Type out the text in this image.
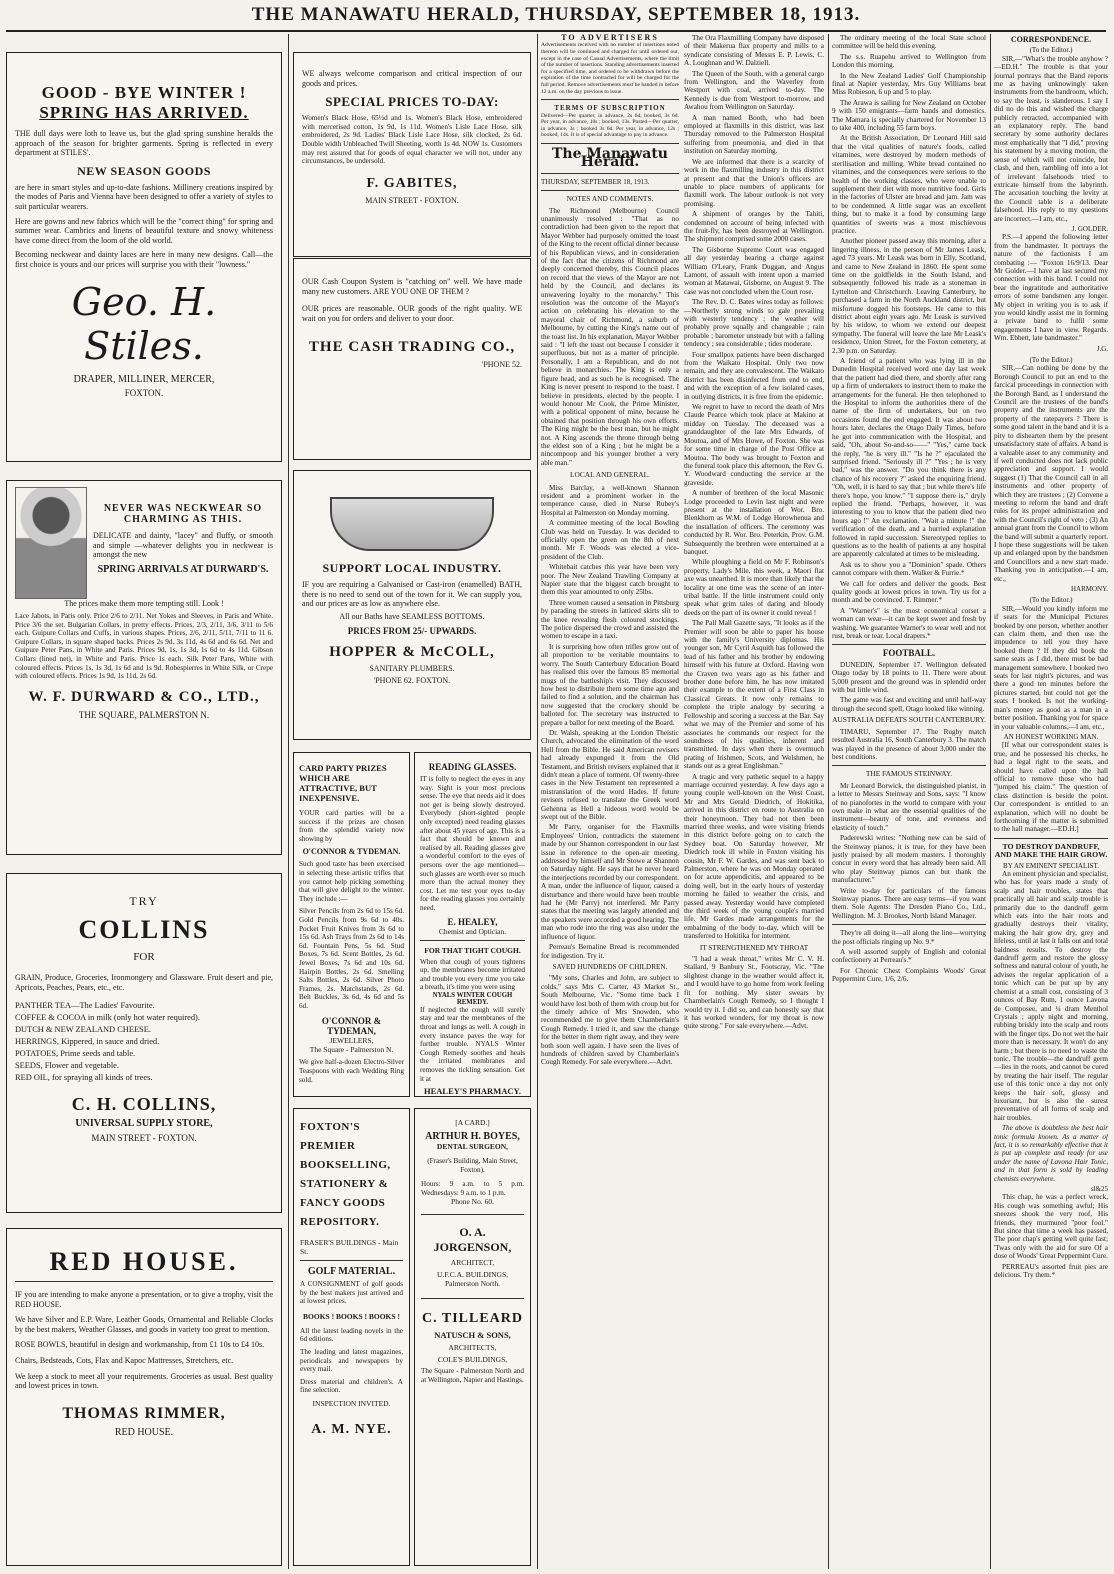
THE MANAWATU HERALD, THURSDAY, SEPTEMBER 18, 1913.
GOOD - BYE WINTER !
SPRING HAS ARRIVED.
THE dull days were loth to leave us, but the glad spring sunshine heralds the approach of the season for brighter garments. Spring is reflected in every department at STILES'.
NEW SEASON GOODS
are here in smart styles and up-to-date fashions. Millinery creations inspired by the modes of Paris and Vienna have been designed to offer a variety of styles to suit particular wearers.
Here are gowns and new fabrics which will be the "correct thing" for spring and summer wear. Cambrics and linens of beautiful texture and snowy whiteness have come direct from the loom of the old world.
Becoming neckwear and dainty laces are here in many new designs. Call—the first choice is yours and our prices will surprise you with their "lowness."
Geo. H. Stiles.
DRAPER, MILLINER, MERCER,
FOXTON.
NEVER WAS NECKWEAR SO CHARMING AS THIS.
DELICATE and dainty, "lacey" and fluffy, or smooth and simple —whatever delights you in neckwear is amongst the new
SPRING ARRIVALS AT DURWARD'S.
The prices make them more tempting still. Look !
Lace Jabots, in Paris only. Price 2/6 to 2/11. Net Yokes and Sleeves, in Paris and White. Price 3/6 the set. Bulgarian Collars, in pretty effects. Prices, 2/3, 2/11, 3/6, 3/11 to 5/6 each. Guipure Collars and Cuffs, in various shapes. Prices, 2/6, 2/11, 5/11, 7/11 to 11 6. Guipure Collars, in square shaped backs. Prices 2s 9d, 3s 11d, 4s 6d and 6s 6d. Net and Guipure Peter Pans, in White and Paris. Prices 9d, 1s, 1s 3d, 1s 6d to 4s 11d. Gibson Collars (lined net), in White and Paris. Price 1s each. Silk Peter Pans, White with coloured effects. Prices 1s, 1s 3d, 1s 6d and 1s 9d. Robespierres in White Silk, or Crepe with coloured effects. Prices 1s 9d, 1s 11d, 2s 6d.
W. F. DURWARD & CO., LTD.,
THE SQUARE, PALMERSTON N.
TRY
COLLINS
FOR
GRAIN, Produce, Groceries, Ironmongery and Glassware. Fruit desert and pie, Apricots, Peaches, Pears, etc., etc.
PANTHER TEA—The Ladies' Favourite.
COFFEE & COCOA in milk (only hot water required).
DUTCH & NEW ZEALAND CHEESE.
HERRINGS, Kippered, in sauce and dried.
POTATOES, Prime seeds and table.
SEEDS, Flower and vegetable.
RED OIL, for spraying all kinds of trees.
C. H. COLLINS,
UNIVERSAL SUPPLY STORE,
MAIN STREET - FOXTON.
RED HOUSE.
IF you are intending to make anyone a presentation, or to give a trophy, visit the RED HOUSE.
We have Silver and E.P. Ware, Leather Goods, Ornamental and Reliable Clocks by the best makers, Weather Glasses, and goods in variety too great to mention.
ROSE BOWLS, beautiful in design and workmanship, from £1 10s to £4 10s.
Chairs, Bedsteads, Cots, Flax and Kapoc Mattresses, Stretchers, etc.
We keep a stock to meet all your requirements. Groceries as usual. Best quality and lowest prices in town.
THOMAS RIMMER,
RED HOUSE.
WE always welcome comparison and critical inspection of our goods and prices.
SPECIAL PRICES TO-DAY:
Women's Black Hose, 65½d and 1s. Women's Black Hose, embroidered with mercerised cotton, 1s 9d, 1s 11d. Women's Lisle Lace Hose, silk embroidered, 2s 9d. Ladies' Black Lisle Lace Hose, silk clocked, 2s 6d. Double width Unbleached Twill Sheeting, worth 1s 4d. NOW 1s. Customers may rest assured that for goods of equal character we will not, under any circumstances, be undersold.
F. GABITES,
MAIN STREET - FOXTON.
OUR Cash Coupon System is "catching on" well. We have made many new customers. ARE YOU ONE OF THEM ?
OUR prices are reasonable. OUR goods of the right quality. WE wait on you for orders and deliver to your door.
THE CASH TRADING CO.,
'PHONE 52.
SUPPORT LOCAL INDUSTRY.
IF you are requiring a Galvanised or Cast-iron (enamelled) BATH, there is no need to send out of the town for it. We can supply you, and our prices are as low as anywhere else.
All our Baths have SEAMLESS BOTTOMS.
PRICES FROM 25/- UPWARDS.
HOPPER & McCOLL,
SANITARY PLUMBERS.
'PHONE 62. FOXTON.
CARD PARTY PRIZES WHICH ARE ATTRACTIVE, BUT INEXPENSIVE.
YOUR card parties will be a success if the prizes are chosen from the splendid variety now showing by
O'CONNOR & TYDEMAN.
Such good taste has been exercised in selecting these artistic trifles that you cannot help picking something that will give delight to the winner. They include :—
Silver Pencils from 2s 6d to 15s 6d. Gold Pencils from 9s 6d to 40s. Pocket Fruit Knives from 3s 6d to 15s 6d. Ash Trays from 2s 6d to 14s 6d. Fountain Pens, 5s 6d. Stud Boxes, 7s 6d. Scent Bottles, 2s 6d. Jewel Boxes, 7s 6d and 10s 6d. Hairpin Bottles, 2s 6d. Smelling Salts Bottles, 2s 6d. Silver Photo Frames, 2s. Matchstands, 2s 6d. Belt Buckles, 3s 6d, 4s 6d and 5s 6d.
O'CONNOR & TYDEMAN,
JEWELLERS,
The Square - Palmerston N.
We give half-a-dozen Electro-Silver Teaspoons with each Wedding Ring sold.
READING GLASSES.
IT is folly to neglect the eyes in any way. Sight is your most precious sense. The eye that needs aid it does not get is being slowly destroyed. Everybody (short-sighted people only excepted) need reading glasses after about 45 years of age. This is a fact that should be known and realised by all. Reading glasses give a wonderful comfort to the eyes of persons over the age mentioned—such glasses are worth ever so much more than the actual money they cost. Let me test your eyes to-day for the reading glasses you certainly need.
E. HEALEY,
Chemist and Optician.
FOR THAT TIGHT COUGH.
When that cough of yours tightens up, the membranes become irritated and trouble you every time you take a breath, it's time you were using
NYALS WINTER COUGH REMEDY.
If neglected the cough will surely stay and tear the membranes of the throat and lungs as well. A cough in every instance paves the way for further trouble. NYALS Winter Cough Remedy soothes and heals the irritated membranes and removes the tickling sensation. Get it at
HEALEY'S PHARMACY.
FOXTON'S PREMIER BOOKSELLING, STATIONERY & FANCY GOODS REPOSITORY.
FRASER'S BUILDINGS - Main St.
GOLF MATERIAL.
A CONSIGNMENT of golf goods by the best makers just arrived and at lowest prices.
BOOKS ! BOOKS ! BOOKS !
All the latest leading novels in the 6d editions.
The leading and latest magazines, periodicals and newspapers by every mail.
Dress material and children's. A fine selection.
INSPECTION INVITED.
A. M. NYE.
[A CARD.]
ARTHUR H. BOYES,
DENTAL SURGEON,
(Fraser's Building, Main Street, Foxton).
Hours: 9 a.m. to 5 p.m. Wednesdays: 9 a.m. to 1 p.m.
Phone No. 60.
O. A. JORGENSON,
ARCHITECT,
U.F.C.A. BUILDINGS, Palmerston North.
C. TILLEARD
NATUSCH & SONS,
ARCHITECTS,
COLE'S BUILDINGS,
The Square - Palmerston North and at Wellington, Napier and Hastings.
TO ADVERTISERS
Advertisements received with no number of insertions noted thereon will be continued and charged for until ordered out, except in the case of Casual Advertisements, where the limit of the number of insertions. Standing advertisements inserted for a specified time, and ordered to be withdrawn before the expiration of the time contracted for will be charged for the full period. Remove advertisements must be handed in before 12 a.m. on the day previous to issue.
TERMS OF SUBSCRIPTION
Delivered—Per quarter, in advance, 2s 6d, booked, 3s 6d. Per year, in advance, 10s ; booked, 13s. Posted—Per quarter, in advance, 3s ; booked 3s 6d. Per year, in advance, 12s ; booked, 14s. It is of special advantage to pay in advance.
The Manawatu Herald.
THURSDAY, SEPTEMBER 18, 1913.
NOTES AND COMMENTS.

The Richmond (Melbourne) Council unanimously resolved : "That as no contradiction had been given to the report that Mayor Webber had purposely omitted the toast of the King to the recent official dinner because of his Republican views, and in consideration of the fact that the citizens of Richmond are deeply concerned thereby, this Council places on record that the views of the Mayor are not held by the Council, and declares its unwavering loyalty to the monarchy." This resolution was the outcome of the Mayor's action on celebrating his elevation to the mayoral chair of Richmond, a suburb of Melbourne, by cutting the King's name out of the toast list. In his explanation, Mayor Webber said : "I left the toast out because I consider it superfluous, but not as a matter of principle. Personally, I am a Republican, and do not believe in monarchies. The King is only a figure head, and as such he is recognised. The King is never present to respond to the toast. I believe in presidents, elected by the people. I would honour Mr Cook, the Prime Minister, with a political opponent of mine, because he obtained that position through his own efforts. The King might be the best man, but he might not. A King ascends the throne through being the eldest son of a King ; but he might be a nincompoop and his younger brother a very able man."

LOCAL AND GENERAL.

Miss Barclay, a well-known Shannon resident and a prominent worker in the temperance cause, died in Nurse Rubey's Hospital at Palmerston on Monday morning.

A committee meeting of the local Bowling Club was held on Tuesday. It was decided to officially open the green on the 8th of next month. Mr F. Woods was elected a vice-president of the Club.

Whitebait catches this year have been very poor. The New Zealand Trawling Company at Napier state that the biggest catch brought to them this year amounted to only 25lbs.

Three women caused a sensation in Pittsburg by parading the streets in latticed skirts slit to the knee revealing flesh coloured stockings. The police dispersed the crowd and assisted the women to escape in a taxi.

It is surprising how often trifles grow out of all proportion to be veritable mountains to worry. The South Canterbury Education Board has realised this over the famous 85 memorial mugs of the battleship's visit. They discussed how best to distribute them some time ago and failed to find a solution, and the chairman has now suggested that the crockery should be balloted for. The secretary was instructed to prepare a ballot for next meeting of the Board.

Dr. Walsh, speaking at the London Theistic Church, advocated the elimination of the word Hell from the Bible. He said American revisers had already expunged it from the Old Testament, and British revisers explained that it didn't mean a place of torment. Of twenty-three cases in the New Testament ten represented a mistranslation of the word Hades. If future revisers refused to translate the Greek word Gehenna as Hell a hideous word would be swept out of the Bible.

Mr Parry, organiser for the Flaxmills Employees' Union, contradicts the statement made by our Shannon correspondent in our last issue in reference to the open-air meeting, addressed by himself and Mr Stowe at Shannon on Saturday night. He says that he never heard the interjections recorded by our correspondent. A man, under the influence of liquor, caused a disturbance and there would have been trouble had he (Mr Parry) not interfered. Mr Parry states that the meeting was largely attended and the speakers were accorded a good hearing. The man who rode into the ring was also under the influence of liquor.

Perreau's Bernaline Bread is recommended for indigestion. Try it.

SAVED HUNDREDS OF CHILDREN.

"My sons, Charles and John, are subject to colds," says Mrs C. Carter, 43 Market St., South Melbourne, Vic. "Some time back I would have lost both of them with croup but for the timely advice of Mrs Snowden, who recommended me to give them Chamberlain's Cough Remedy. I tried it, and saw the change for the better in them right away, and they were both soon well again. I have seen the lives of hundreds of children saved by Chamberlain's Cough Remedy. For sale everywhere.—Advt.

The Ora Flaxmilling Company have disposed of their Makerua flax property and mills to a syndicate consisting of Messrs E. P. Lewis, C. A. Loughnan and W. Dalziell.

The Queen of the South, with a general cargo from Wellington, and the Waverley from Westport with coal, arrived to-day. The Kennedy is due from Westport to-morrow, and Awahou from Wellington on Saturday.

A man named Booth, who had been employed at flaxmills in this district, was last Thursday removed to the Palmerston Hospital suffering from pneumonia, and died in that institution on Saturday morning.

We are informed that there is a scarcity of work in the flaxmilling industry in this district at present and that the Union's officers are unable to place numbers of applicants for flaxmill work. The labour outlook is not very promising.

A shipment of oranges by the Tahiti, condemned on account of being infected with the fruit-fly, has been destroyed at Wellington. The shipment comprised some 2000 cases.

The Gisborne Supreme Court was engaged all day yesterday hearing a charge against William O'Leary, Frank Duggan, and Angus Lamont, of assault with intent upon a married woman at Matawai, Gisborne, on August 9. The case was not concluded when the Court rose.

The Rev. D. C. Bates wires today as follows:—Northerly strong winds to gale prevailing with westerly tendency ; the weather will probably prove squally and changeable ; rain probable ; barometer unsteady but with a falling tendency ; sea considerable ; tides moderate.

Four smallpox patients have been discharged from the Waikato Hospital. Only two now remain, and they are convalescent. The Waikato district has been disinfected from end to end, and with the exception of a few isolated cases, in outlying districts, it is free from the epidemic.

We regret to have to record the death of Mrs Claude Pearce which took place at Makino at midday on Tuesday. The deceased was a granddaughter of the late Mrs Edwards, of Moutoa, and of Mrs Howe, of Foxton. She was for some time in charge of the Post Office at Moutoa. The body was brought to Foxton and the funeral took place this afternoon, the Rev G. Y. Woodward conducting the service at the graveside.

A number of brethren of the local Masonic Lodge proceeded to Levin last night and were present at the installation of Wor. Bro. Blenkhorn as W.M. of Lodge Horowhenua and the installation of officers. The ceremony was conducted by R. Wor. Bro. Peterkin, Prov. G.M. Subsequently the brethren were entertained at a banquet.

While ploughing a field on Mr F. Robinson's property, Lady's Mile, this week, a Maori flat axe was unearthed. It is more than likely that the locality at one time was the scene of an inter-tribal battle. If the little instrument could only speak what grim tales of daring and bloody deeds on the part of its owner it could reveal !

The Pall Mall Gazette says, "It looks as if the Premier will soon be able to paper his house with the family's University diplomas. His younger son, Mr Cyril Asquith has followed the lead of his father and his brother by endowing himself with his future at Oxford. Having won the Craven two years ago as his father and brother done before him, he has now imitated their example to the extent of a First Class in Classical Greats. It now only remains to complete the triple analogy by securing a Fellowship and scoring a success at the Bar. Say what we may of the Premier and some of his associates he commands our respect for the soundness of his qualities, inherent and transmitted. In days when there is overmuch prating of Irishmen, Scots, and Welshmen, he stands out as a great Englishman."

A tragic and very pathetic sequel to a happy marriage occurred yesterday. A few days ago a young couple well-known on the West Coast, Mr and Mrs Gerald Diedrich, of Hokitika, arrived in this district en route to Australia on their honeymoon. They had not then been married three weeks, and were visiting friends in this district before going on to catch the Sydney boat. On Saturday however, Mr Diedrich took ill while in Foxton visiting his cousin, Mr F. W. Gardes, and was sent back to Palmerston, where he was on Monday operated on for acute appendicitis, and appeared to be doing well, but in the early hours of yesterday morning he failed to weather the crisis, and passed away. Yesterday would have completed the third week of the young couple's married life. Mr Gardes made arrangements for the embalming of the body to-day, which will be transferred to Hokitika for interment.

IT STRENGTHENED MY THROAT

"I had a weak throat," writes Mr C. V. H. Stallard, 9 Banbury St., Footscray, Vic. "The slightest change in the weather would affect it, and I would have to go home from work feeling fit for nothing. My sister swears by Chamberlain's Cough Remedy, so I thought I would try it. I did so, and can honestly say that it has worked wonders, for my throat is now quite strong." For sale everywhere.—Advt.

The ordinary meeting of the local State school committee will be held this evening.

The s.s. Ruapehu arrived to Wellington from London this morning.

In the New Zealand Ladies' Golf Championship final at Napier yesterday, Mrs Guy Williams beat Miss Robieson, 6 up and 5 to play.

The Arawa is sailing for New Zealand on October 9 with 150 emigrants—farm hands and domestics. The Mamara is specially chartered for November 13 to take 400, including 55 farm boys.

At the British Association, Dr Leonard Hill said that the vital qualities of nature's foods, called vitamines, were destroyed by modern methods of sterilisation and milling. White bread contained no vitamines, and the consequences were serious to the health of the working classes, who were unable to supplement their diet with more nutritive food. Girls in the factories of Ulster ate bread and jam. Jam was to be condemned. A little sugar was an excellent thing, but to make it a food by consuming large quantities of sweets was a most mischievous practice.

Another pioneer passed away this morning, after a lingering illness, in the person of Mr James Leask, aged 73 years. Mr Leask was born in Elly, Scotland, and came to New Zealand in 1860. He spent some time on the goldfields in the South Island, and subsequently followed his trade as a stoneman in Lyttelton and Christchurch. Leaving Canterbury, he purchased a farm in the North Auckland district, but misfortune dogged his footsteps. He came to this district about eight years ago. Mr Leask is survived by his widow, to whom we extend our deepest sympathy. The funeral will leave the late Mr Leask's residence, Union Street, for the Foxton cemetery, at 2.30 p.m. on Saturday.

A friend of a patient who was lying ill in the Dunedin Hospital received word one day last week that the patient had died there, and shortly after rang up a firm of undertakers to instruct them to make the arrangements for the funeral. He then telephoned to the Hospital to inform the authorities there of the name of the firm of undertakers, but on two occasions found the end engaged. It was about two hours later, declares the Otago Daily Times, before he got into communication with the Hospital, and said, "Oh, about So-and-so——" "Yes," came back the reply, "he is very ill." "Is he ?" ejaculated the surprised friend. "Seriously ill ?" "Yes ; he is very bad," was the answer. "Do you think there is any chance of his recovery ?" asked the enquiring friend. "Oh, well, it is hard to say that ; but while there's life there's hope, you know." "I suppose there is," dryly replied the friend. "Perhaps, however, it was interesting to you to know that the patient died two hours ago !" An exclamation. "Wait a minute !" the verification of the death, and a hurried explanation followed in rapid succession. Stereotyped replies to questions as to the health of patients at any hospital are apparently calculated at times to be misleading.

Ask us to show you a "Dominion" spade. Others cannot compare with them. Walker & Furrie.*

We call for orders and deliver the goods. Best quality goods at lowest prices in town. Try us for a month and be convinced. T. Rimmer.*

A "Warner's" is the most economical corset a woman can wear—it can be kept sweet and fresh by washing. We guarantee Warner's to wear well and not rust, break or tear. Local drapers.*

FOOTBALL.

DUNEDIN, September 17. Wellington defeated Otago today by 18 points to 11. There were about 5,000 present and the ground was in splendid order with but little wind.

The game was fast and exciting and until half-way through the second spell, Otago looked like winning.

AUSTRALIA DEFEATS SOUTH CANTERBURY.

TIMARU, September 17. The Rugby match resulted Australia 16, South Canterbury 3. The match was played in the presence of about 3,000 under the best conditions.

THE FAMOUS STEINWAY.

Mr Leonard Borwick, the distinguished pianist, in a letter to Messrs Steinway and Sons, says: "I know of no pianofortes in the world to compare with your own make in what are the essential qualities of the instrument—beauty of tone, and evenness and elasticity of touch."

Paderewski writes: "Nothing new can be said of the Steinway pianos, it is true, for they have been justly praised by all modern masters. I thoroughly concur in every word that has already been said. All who play Steinway pianos can but thank the manufacturer."

Write to-day for particulars of the famous Steinway pianos. There are easy terms—if you want them. Sole Agents: The Dresden Piano Co., Ltd., Wellington. M. J. Brookes, North Island Manager.

They're all doing it—all along the line—worrying the post officials ringing up No. 9.*

A well assorted supply of English and colonial confectionery at Perreau's.*

For Chronic Chest Complaints Woods' Great Peppermint Cure, 1/6, 2/6.

CORRESPONDENCE.
(To the Editor.)

SIR,—"What's the trouble anyhow ?—ED.H." The trouble is that your journal portrays that the Band reports me as having unknowingly taken instruments from the bandroom, which, to say the least, is slanderous. I say I did no do this and wished the charge publicly retracted, accompanied with an explanatory reply. The band secretary by some authority declares most emphatically that "I did," proving his statement by a moving motion, the sense of which will not coincide, but clash, and then, rambling off into a lot of irrelevant falsehoods tried to extricate himself from the labyrinth. The accusation touching the levity at the Council table is a deliberate falsehood. His reply to my questions are incorrect.—I am, etc.,

J. GOLDER.

P.S.—I append the following letter from the bandmaster. It portrays the nature of the factionists I am combating :— "Foxton 16/9/13. Dear Mr Golder.—I have at last secured my connection with this band. I could not bear the ingratitude and authoritative errors of some bandsmen any longer. My object in writing you is to ask if you would kindly assist me in forming a private band to fulfil some engagements I have in view. Regards. Wm. Ebbett, late bandmaster."

J.G.
(To the Editor.)

SIR,—Can nothing be done by the Borough Council to put an end to the farcical proceedings in connection with the Borough Band, as I understand the Council are the trustees of the band's property and the instruments are the property of the ratepayers ? There is some good talent in the band and it is a pity to dishearten them by the present unsatisfactory state of affairs. A band is a valuable asset to any community and if well conducted does not lack public appreciation and support. I would suggest (1) That the Council call in all instruments and other property of which they are trustees ; (2) Convene a meeting to reform the band and draft rules for its proper administration and with the Council's right of veto ; (3) An annual grant from the Council to whom the band will submit a quarterly report. I hope these suggestions will be taken up and enlarged upon by the bandsmen and Councillors and a new start made. Thanking you in anticipation.—I am, etc.,

HARMONY.
(To the Editor.)

SIR,—Would you kindly inform me if seats for the Municipal Pictures booked by one person, whether another can claim them, and then use the impudence to tell you they have booked them ? If they did book the same seats as I did, there must be bad management somewhere. I booked two seats for last night's pictures, and was there a good ten minutes before the pictures started, but could not get the seats I booked. Is not the working-man's money as good as a man in a better position. Thanking you for space in your valuable columns,—I am, etc.,

AN HONEST WORKING MAN.

[If what our correspondent states is true, and he possessed his checks, he had a legal right to the seats, and should have called upon the hall official to remove those who had "jumped his claim." The question of class distinction is beside the point. Our correspondent is entitled to an explanation, which will no doubt be forthcoming if the matter is submitted to the hall manager.—ED.H.]

TO DESTROY DANDRUFF, AND MAKE THE HAIR GROW.
BY AN EMINENT SPECIALIST.

An eminent physician and specialist, who has for years made a study of scalp and hair troubles, states that practically all hair and scalp trouble is primarily due to the dandruff germ which eats into the hair roots and gradually destroys their vitality, making the hair grow dry, grey and lifeless, until at last it falls out and total baldness results. To destroy the dandruff germ and restore the glossy softness and natural colour of youth, he advises the regular application of a tonic which can be put up by any chemist at a small cost, consisting of 3 ounces of Bay Rum, 1 ounce Lavona de Composee, and ¼ dram Menthol Crystals ; apply night and morning, rubbing briskly into the scalp and roots with the finger tips. Do not wet the hair more than is necessary. It won't do any harm ; but there is no need to waste the tonic. The trouble—the dandruff germ—lies in the roots, and cannot be cured by treating the hair itself. The regular use of this tonic once a day not only keeps the hair soft, glossy and luxuriant, but is also the surest preventative of all forms of scalp and hair troubles.

The above is doubtless the best hair tonic formula known. As a matter of fact, it is so remarkably effective that it is put up complete and ready for use under the name of Lavona Hair Tonic, and in that form is sold by leading chemists everywhere.

sl&25

This chap, he was a perfect wreck, His cough was something awful; His sneezes shook the very roof, His friends, they murmured "poor fool." But since that time a week has passed, The poor chap's getting well quite fast; 'Twas only with the aid for sure Of a dose of Woods' Great Peppermint Cure.

PERREAU's assorted fruit pies are delicious. Try them.*
